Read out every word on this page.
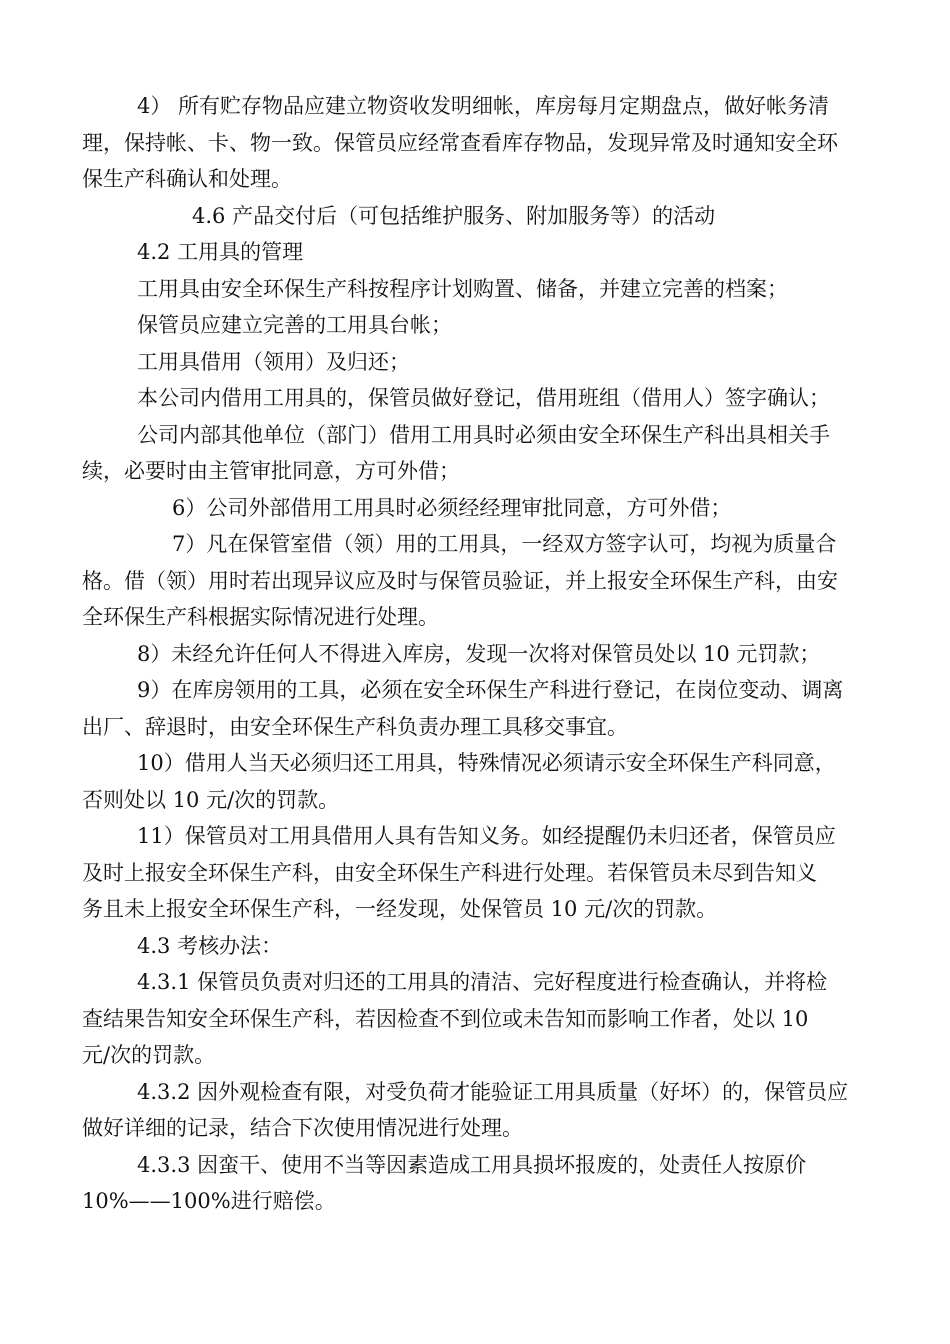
4） 所有贮存物品应建立物资收发明细帐，库房每月定期盘点，做好帐务清
理，保持帐、卡、物一致。保管员应经常查看库存物品，发现异常及时通知安全环
保生产科确认和处理。
4.6 产品交付后（可包括维护服务、附加服务等）的活动
4.2 工用具的管理
工用具由安全环保生产科按程序计划购置、储备，并建立完善的档案；
保管员应建立完善的工用具台帐；
工用具借用（领用）及归还；
本公司内借用工用具的，保管员做好登记，借用班组（借用人）签字确认；
公司内部其他单位（部门）借用工用具时必须由安全环保生产科出具相关手
续，必要时由主管审批同意，方可外借；
6）公司外部借用工用具时必须经经理审批同意，方可外借；
7）凡在保管室借（领）用的工用具，一经双方签字认可，均视为质量合
格。借（领）用时若出现异议应及时与保管员验证，并上报安全环保生产科，由安
全环保生产科根据实际情况进行处理。
8）未经允许任何人不得进入库房，发现一次将对保管员处以 10 元罚款；
9）在库房领用的工具，必须在安全环保生产科进行登记，在岗位变动、调离
出厂、辞退时，由安全环保生产科负责办理工具移交事宜。
10）借用人当天必须归还工用具，特殊情况必须请示安全环保生产科同意，
否则处以 10 元/次的罚款。
11）保管员对工用具借用人具有告知义务。如经提醒仍未归还者，保管员应
及时上报安全环保生产科，由安全环保生产科进行处理。若保管员未尽到告知义
务且未上报安全环保生产科，一经发现，处保管员 10 元/次的罚款。
4.3 考核办法：
4.3.1 保管员负责对归还的工用具的清洁、完好程度进行检查确认，并将检
查结果告知安全环保生产科，若因检查不到位或未告知而影响工作者，处以 10
元/次的罚款。
4.3.2 因外观检查有限，对受负荷才能验证工用具质量（好坏）的，保管员应
做好详细的记录，结合下次使用情况进行处理。
4.3.3 因蛮干、使用不当等因素造成工用具损坏报废的，处责任人按原价
10%——100%进行赔偿。
